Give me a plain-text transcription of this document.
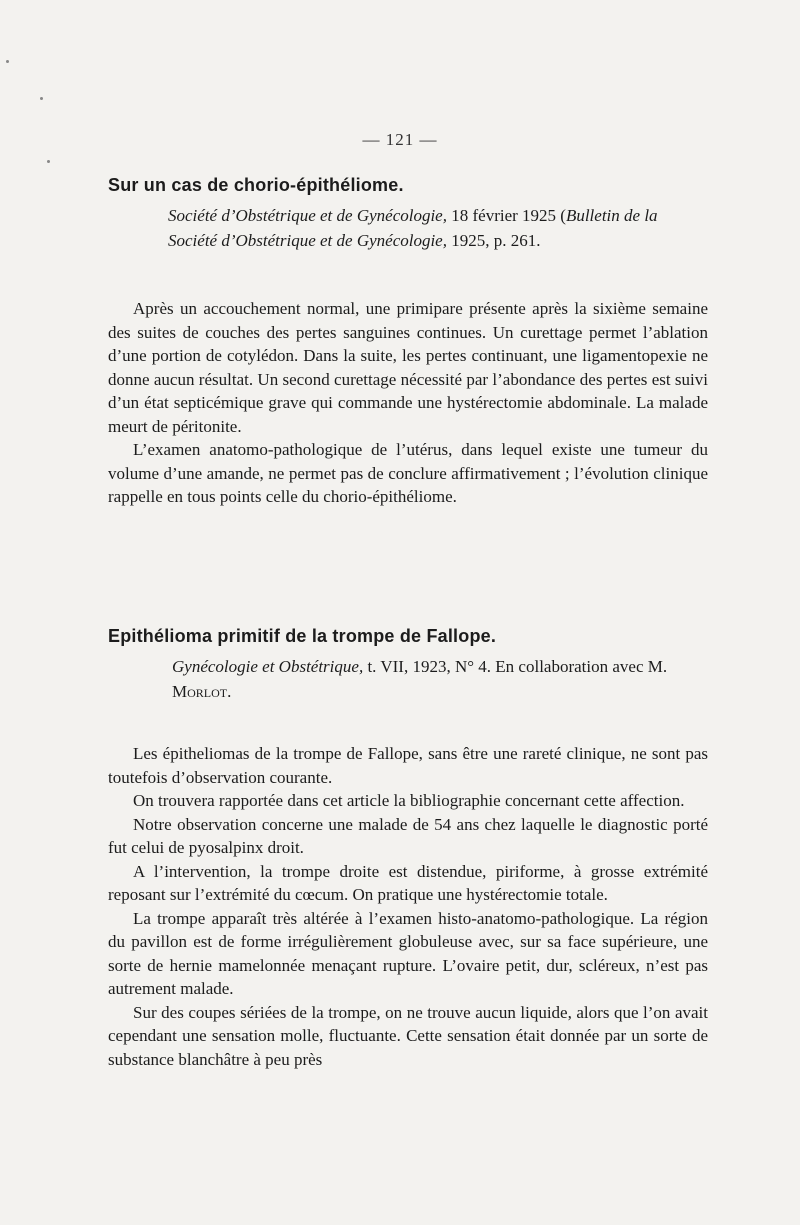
— 121 —
Sur un cas de chorio-épithéliome.
Société d’Obstétrique et de Gynécologie, 18 février 1925 (Bulletin de la Société d’Obstétrique et de Gynécologie, 1925, p. 261.

Après un accouchement normal, une primipare présente après la sixième semaine des suites de couches des pertes sanguines continues. Un curettage permet l’ablation d’une portion de cotylédon. Dans la suite, les pertes continuant, une ligamentopexie ne donne aucun résultat. Un second curettage nécessité par l’abondance des pertes est suivi d’un état septicémique grave qui commande une hystérectomie abdominale. La malade meurt de péritonite.

L’examen anatomo-pathologique de l’utérus, dans lequel existe une tumeur du volume d’une amande, ne permet pas de conclure affirmativement ; l’évolution clinique rappelle en tous points celle du chorio-épithéliome.

Epithélioma primitif de la trompe de Fallope.
Gynécologie et Obstétrique, t. VII, 1923, N° 4. En collaboration avec M. Morlot.

Les épitheliomas de la trompe de Fallope, sans être une rareté clinique, ne sont pas toutefois d’observation courante.

On trouvera rapportée dans cet article la bibliographie concernant cette affection.

Notre observation concerne une malade de 54 ans chez laquelle le diagnostic porté fut celui de pyosalpinx droit.

A l’intervention, la trompe droite est distendue, piriforme, à grosse extrémité reposant sur l’extrémité du cœcum. On pratique une hystérectomie totale.

La trompe apparaît très altérée à l’examen histo-anatomo-pathologique. La région du pavillon est de forme irrégulièrement globuleuse avec, sur sa face supérieure, une sorte de hernie mamelonnée menaçant rupture. L’ovaire petit, dur, scléreux, n’est pas autrement malade.

Sur des coupes sériées de la trompe, on ne trouve aucun liquide, alors que l’on avait cependant une sensation molle, fluctuante. Cette sensation était donnée par un sorte de substance blanchâtre à peu près
